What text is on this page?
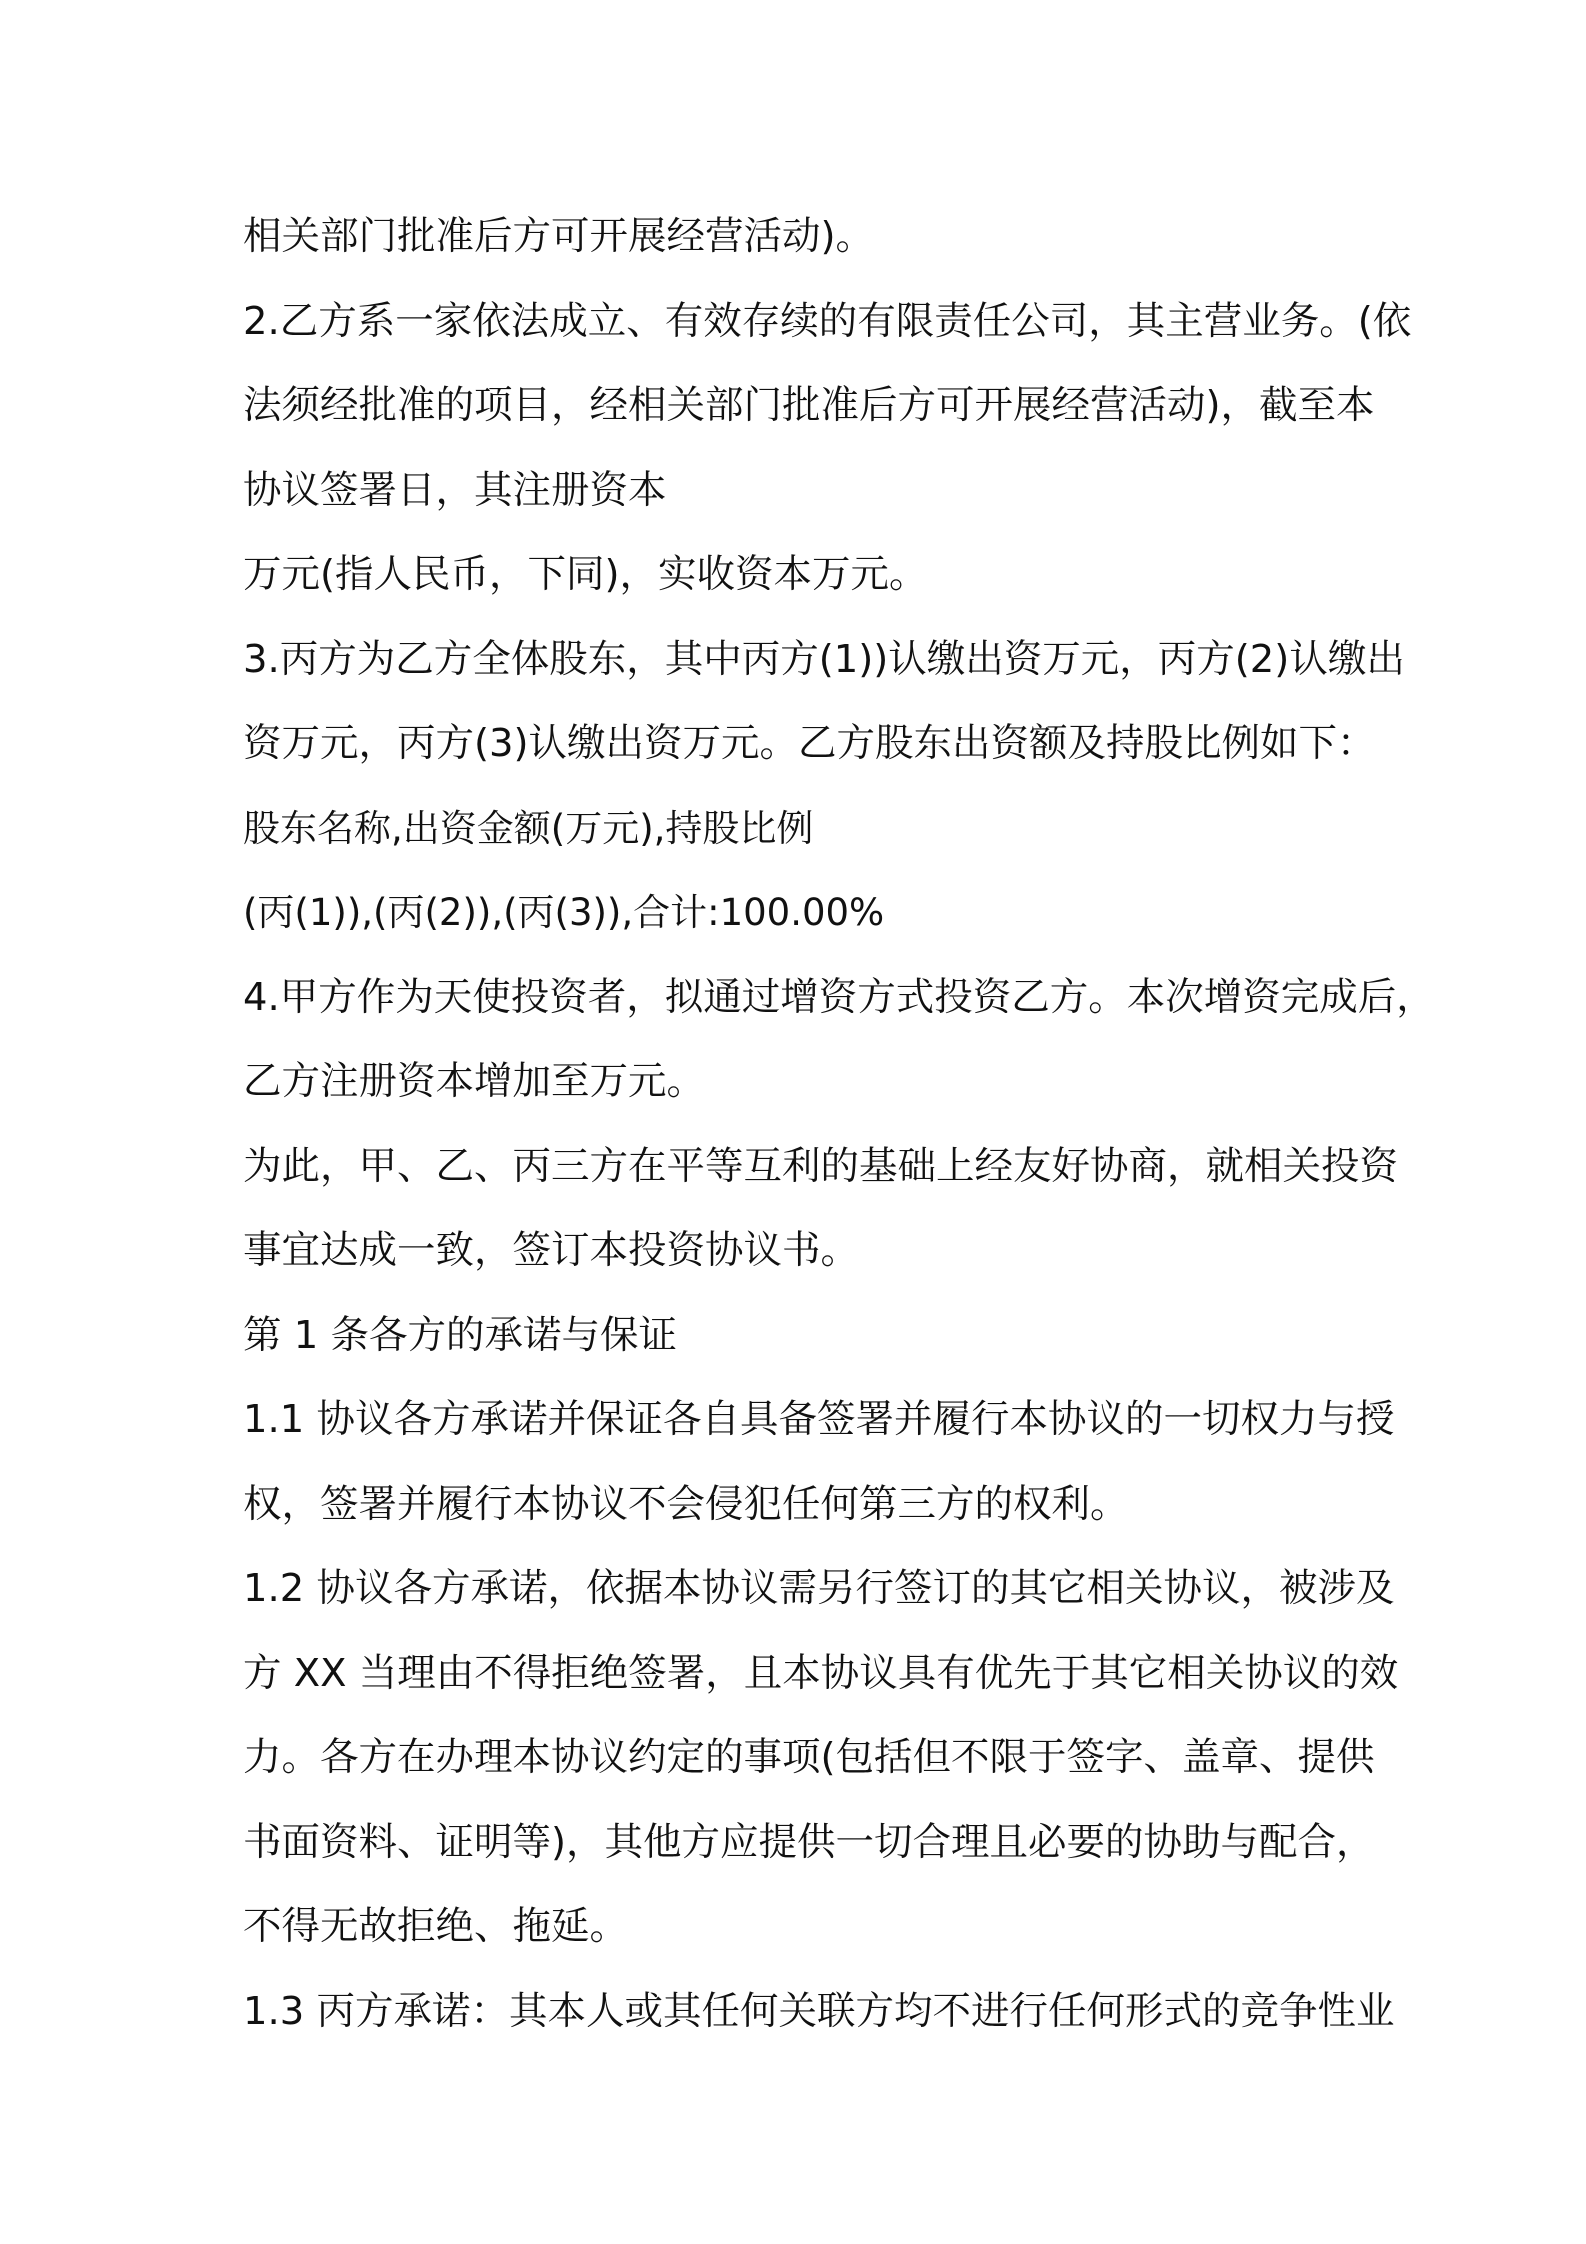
相关部门批准后方可开展经营活动)。
2.乙方系一家依法成立、有效存续的有限责任公司，其主营业务。(依
法须经批准的项目，经相关部门批准后方可开展经营活动)，截至本
协议签署日，其注册资本
万元(指人民币，下同)，实收资本万元。
3.丙方为乙方全体股东，其中丙方(1))认缴出资万元，丙方(2)认缴出
资万元，丙方(3)认缴出资万元。乙方股东出资额及持股比例如下：
股东名称,出资金额(万元),持股比例
(丙(1)),(丙(2)),(丙(3)),合计:100.00%
4.甲方作为天使投资者，拟通过增资方式投资乙方。本次增资完成后，
乙方注册资本增加至万元。
为此，甲、乙、丙三方在平等互利的基础上经友好协商，就相关投资
事宜达成一致，签订本投资协议书。
第 1 条各方的承诺与保证
1.1 协议各方承诺并保证各自具备签署并履行本协议的一切权力与授
权，签署并履行本协议不会侵犯任何第三方的权利。
1.2 协议各方承诺，依据本协议需另行签订的其它相关协议，被涉及
方 XX 当理由不得拒绝签署，且本协议具有优先于其它相关协议的效
力。各方在办理本协议约定的事项(包括但不限于签字、盖章、提供
书面资料、证明等)，其他方应提供一切合理且必要的协助与配合，
不得无故拒绝、拖延。
1.3 丙方承诺：其本人或其任何关联方均不进行任何形式的竞争性业
